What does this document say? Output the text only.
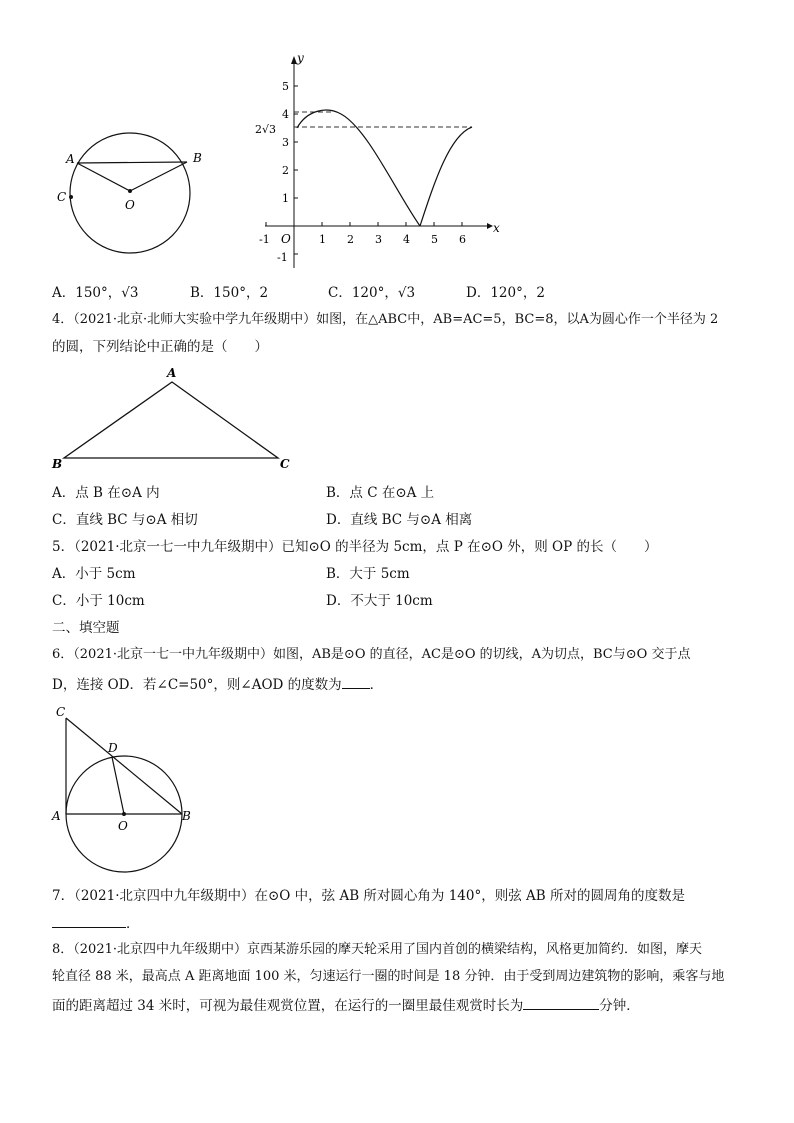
A	B
C
O
x
y
O
5
4
3
2
1
-1
2√3
-1	1 2 3 4 5 6
A．150°，√3	B．150°，2	C．120°，√3	D．120°，2
4．（2021·北京·北师大实验中学九年级期中）如图，在△ABC中，AB=AC=5，BC=8，以A为圆心作一个半径为 2
的圆，下列结论中正确的是（　　）
A
B	C
A．点 B 在⊙A 内	B．点 C 在⊙A 上
C．直线 BC 与⊙A 相切	D．直线 BC 与⊙A 相离
5．（2021·北京一七一中九年级期中）已知⊙O 的半径为 5cm，点 P 在⊙O 外，则 OP 的长（　　）
A．小于 5cm	B．大于 5cm
C．小于 10cm	D．不大于 10cm
二、填空题
6．（2021·北京一七一中九年级期中）如图，AB是⊙O 的直径，AC是⊙O 的切线，A为切点，BC与⊙O 交于点
D，连接 OD．若∠C=50°，则∠AOD 的度数为 ．
C
D
A	B
O
7．（2021·北京四中九年级期中）在⊙O 中，弦 AB 所对圆心角为 140°，则弦 AB 所对的圆周角的度数是
．
8．（2021·北京四中九年级期中）京西某游乐园的摩天轮采用了国内首创的横梁结构，风格更加简约．如图，摩天
轮直径 88 米，最高点 A 距离地面 100 米，匀速运行一圈的时间是 18 分钟．由于受到周边建筑物的影响，乘客与地
面的距离超过 34 米时，可视为最佳观赏位置，在运行的一圈里最佳观赏时长为	分钟．
